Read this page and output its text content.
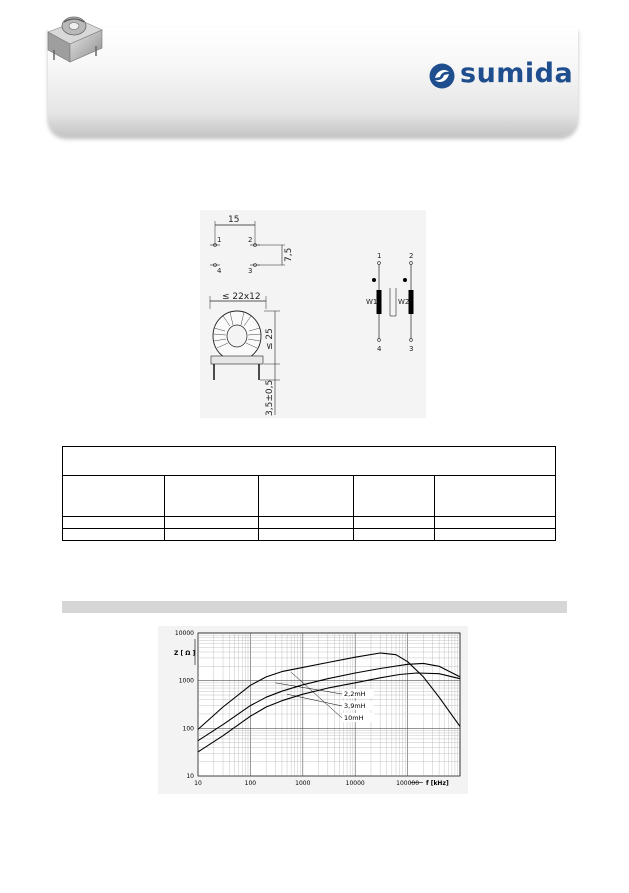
sumida
15
1	2
4	3
7,5
≤ 22x12
≤ 25
3,5±0,5
1	2
W1	W2
4	3

10	100	1000	10000	100000
10000
1000
100
10
Z [ Ω ]
f [kHz]
2,2mH
3,9mH
10mH
